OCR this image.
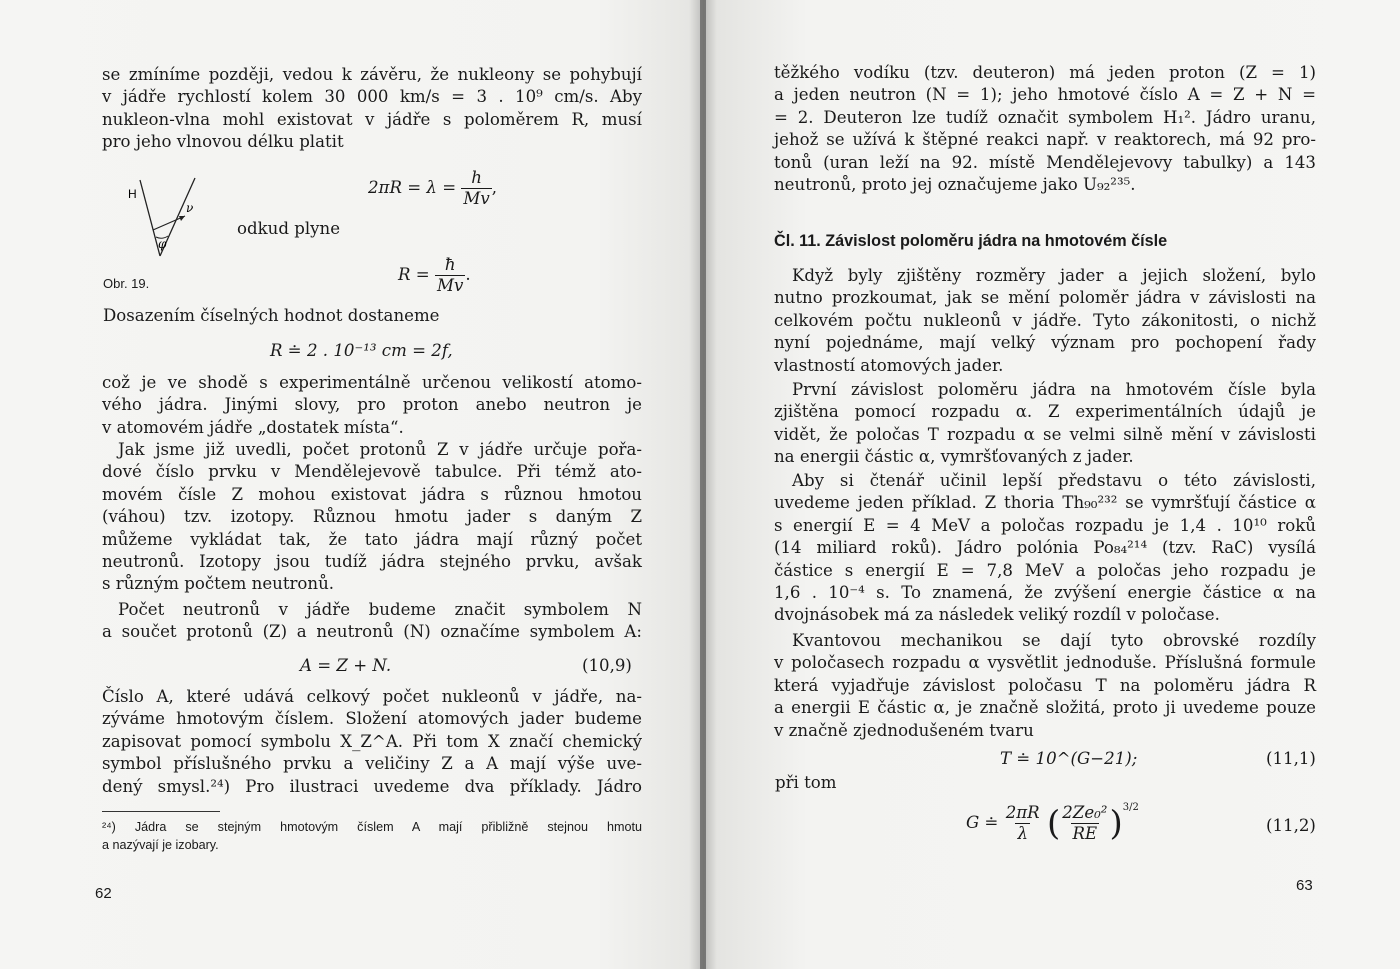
se zmíníme později, vedou k závěru, že nukleony se pohybují
v jádře rychlostí kolem 30 000 km/s = 3 . 10⁹ cm/s. Aby
nukleon-vlna mohl existovat v jádře s poloměrem R, musí
pro jeho vlnovou délku platit
H
ν
φ
Obr. 19.
$2\pi R = \lambda = \frac{h}{Mv}$ ,
odkud plyne
$R = \frac{ħ}{Mv}$ .
Dosazením číselných hodnot dostaneme
R ≐ 2 . 10⁻¹³ cm = 2f,
což je ve shodě s experimentálně určenou velikostí atomo-
vého jádra. Jinými slovy, pro proton anebo neutron je
v atomovém jádře „dostatek místa“.
Jak jsme již uvedli, počet protonů Z v jádře určuje pořa-
dové číslo prvku v Mendělejevově tabulce. Při témž ato-
movém čísle Z mohou existovat jádra s různou hmotou
(váhou) tzv. izotopy. Různou hmotu jader s daným Z
můžeme vykládat tak, že tato jádra mají různý počet
neutronů. Izotopy jsou tudíž jádra stejného prvku, avšak
s různým počtem neutronů.
Počet neutronů v jádře budeme značit symbolem N
a součet protonů (Z) a neutronů (N) označíme symbolem A:
A = Z + N.	(10,9)
Číslo A, které udává celkový počet nukleonů v jádře, na-
zýváme hmotovým číslem. Složení atomových jader budeme
zapisovat pomocí symbolu X_Z^A. Při tom X značí chemický
symbol příslušného prvku a veličiny Z a A mají výše uve-
dený smysl.²⁴) Pro ilustraci uvedeme dva příklady. Jádro
²⁴) Jádra se stejným hmotovým číslem A mají přibližně stejnou hmotu
a nazývají je izobary.
62
těžkého vodíku (tzv. deuteron) má jeden proton (Z = 1)
a jeden neutron (N = 1); jeho hmotové číslo A = Z + N =
= 2. Deuteron lze tudíž označit symbolem H₁². Jádro uranu,
jehož se užívá k štěpné reakci např. v reaktorech, má 92 pro-
tonů (uran leží na 92. místě Mendělejevovy tabulky) a 143
neutronů, proto jej označujeme jako U₉₂²³⁵.
Čl. 11. Závislost poloměru jádra na hmotovém čísle
Když byly zjištěny rozměry jader a jejich složení, bylo
nutno prozkoumat, jak se mění poloměr jádra v závislosti na
celkovém počtu nukleonů v jádře. Tyto zákonitosti, o nichž
nyní pojednáme, mají velký význam pro pochopení řady
vlastností atomových jader.
První závislost poloměru jádra na hmotovém čísle byla
zjištěna pomocí rozpadu α. Z experimentálních údajů je
vidět, že poločas T rozpadu α se velmi silně mění v závislosti
na energii částic α, vymršťovaných z jader.
Aby si čtenář učinil lepší představu o této závislosti,
uvedeme jeden příklad. Z thoria Th₉₀²³² se vymršťují částice α
s energií E = 4 MeV a poločas rozpadu je 1,4 . 10¹⁰ roků
(14 miliard roků). Jádro polónia Po₈₄²¹⁴ (tzv. RaC) vysílá
částice s energií E = 7,8 MeV a poločas jeho rozpadu je
1,6 . 10⁻⁴ s. To znamená, že zvýšení energie částice α na
dvojnásobek má za následek veliký rozdíl v poločase.
Kvantovou mechanikou se dají tyto obrovské rozdíly
v poločasech rozpadu α vysvětlit jednoduše. Příslušná formule
která vyjadřuje závislost poločasu T na poloměru jádra R
a energii E částic α, je značně složitá, proto ji uvedeme pouze
v značně zjednodušeném tvaru
T ≐ 10^(G−21);	(11,1)
při tom
G ≐ $\frac{2\pi R}{\lambda}$ ( $\frac{\text{2Ze₀²}}{RE} )^{3/2}$
(11,2)
63
